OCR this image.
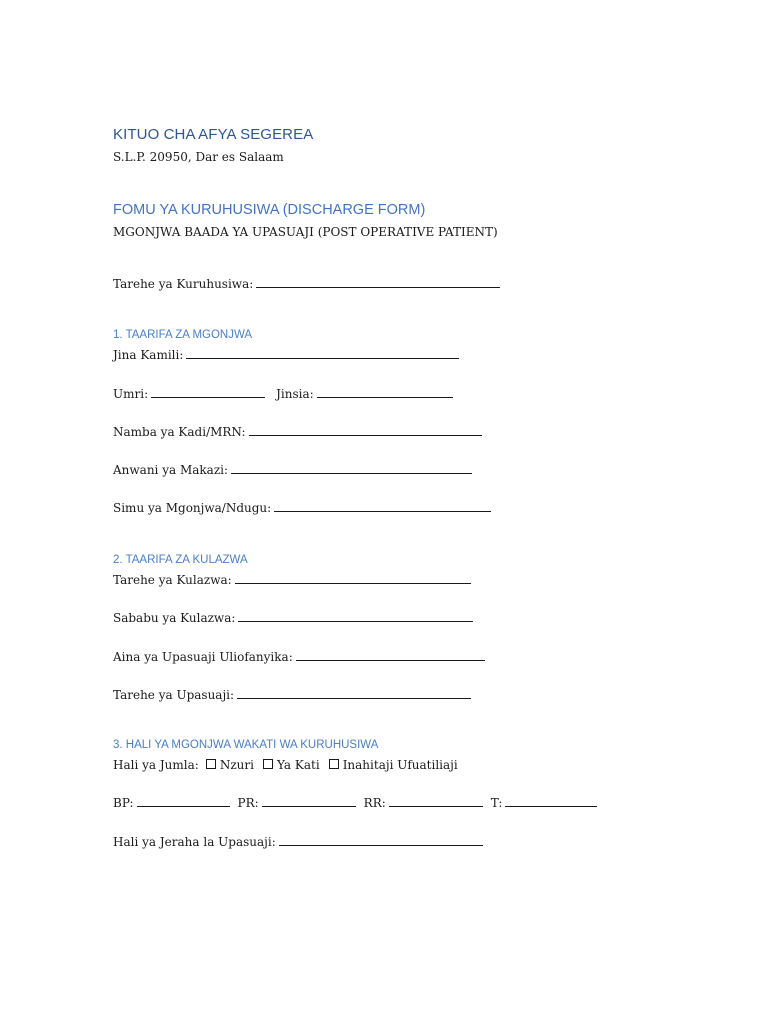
KITUO CHA AFYA SEGEREA
S.L.P. 20950, Dar es Salaam
FOMU YA KURUHUSIWA (DISCHARGE FORM)
MGONJWA BAADA YA UPASUAJI (POST OPERATIVE PATIENT)
Tarehe ya Kuruhusiwa:
1. TAARIFA ZA MGONJWA
Jina Kamili:
Umri:	Jinsia:
Namba ya Kadi/MRN:
Anwani ya Makazi:
Simu ya Mgonjwa/Ndugu:
2. TAARIFA ZA KULAZWA
Tarehe ya Kulazwa:
Sababu ya Kulazwa:
Aina ya Upasuaji Uliofanyika:
Tarehe ya Upasuaji:
3. HALI YA MGONJWA WAKATI WA KURUHUSIWA
Hali ya Jumla: Nzuri Ya Kati Inahitaji Ufuatiliaji
BP:	PR:	RR:	T:
Hali ya Jeraha la Upasuaji:
